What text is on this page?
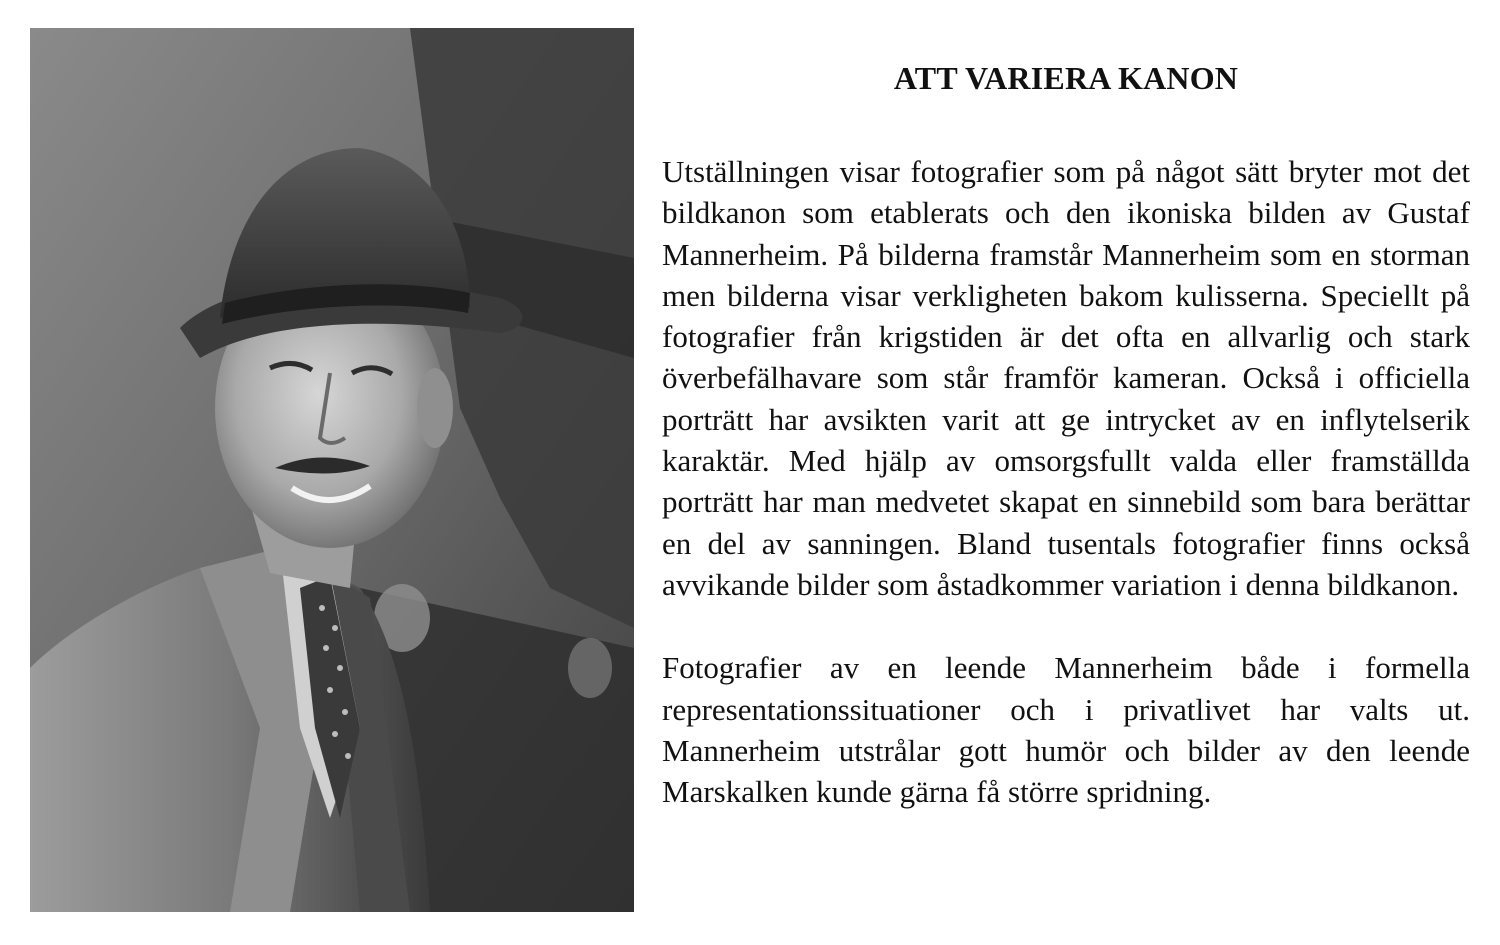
ATT VARIERA KANON

Utställningen visar fotografier som på något sätt bryter mot det bildkanon som etablerats och den ikoniska bilden av Gustaf Mannerheim. På bilderna framstår Mannerheim som en storman men bilderna visar verkligheten bakom kulisserna. Speciellt på fotografier från krigstiden är det ofta en allvarlig och stark överbefälhavare som står framför kameran. Också i officiella porträtt har avsikten varit att ge intrycket av en inflytelserik karaktär. Med hjälp av omsorgsfullt valda eller framställda porträtt har man medvetet skapat en sinnebild som bara berättar en del av sanningen. Bland tusentals fotografier finns också avvikande bilder som åstadkommer variation i denna bildkanon.

Fotografier av en leende Mannerheim både i formella representationssituationer och i privatlivet har valts ut. Mannerheim utstrålar gott humör och bilder av den leende Marskalken kunde gärna få större spridning.
